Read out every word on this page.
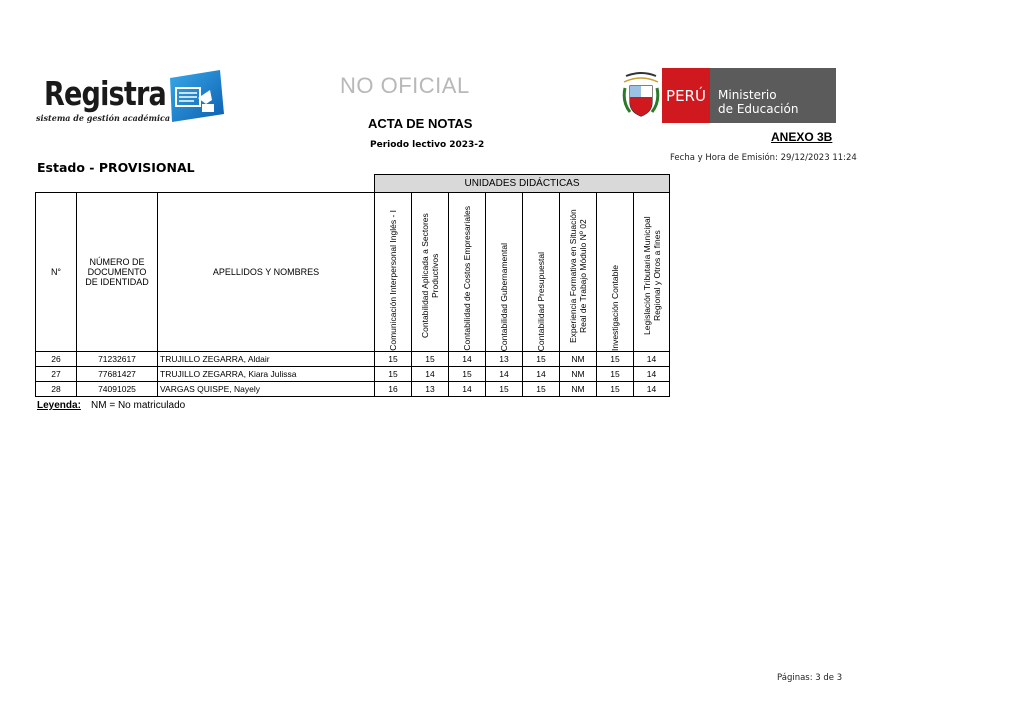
Registra
sistema de gestión académica
NO OFICIAL
ACTA DE NOTAS
Periodo lectivo 2023-2
PERÚ	Ministerio
de Educación
ANEXO 3B
Fecha y Hora de Emisión: 29/12/2023 11:24
Estado - PROVISIONAL
			UNIDADES DIDÁCTICAS							
N°	NÚMERO DE DOCUMENTO DE IDENTIDAD	APELLIDOS Y NOMBRES	Comunicación Interpersonal Inglés - I	Contabilidad Aplicada a Sectores Productivos	Contabilidad de Costos Empresariales	Contabilidad Gubernamental	Contabilidad Presupuestal	Experiencia Formativa en Situación Real de Trabajo Módulo Nº 02	Investigación Contable	Legislación Tributaria Municipal Regional y Otros a fines

26	71232617	TRUJILLO ZEGARRA, Aldair	15	15	14	13	15	NM	15	14
27	77681427	TRUJILLO ZEGARRA, Kiara Julissa	15	14	15	14	14	NM	15	14
28	74091025	VARGAS QUISPE, Nayely	16	13	14	15	15	NM	15	14
Leyenda: NM = No matriculado
Páginas: 3 de 3
